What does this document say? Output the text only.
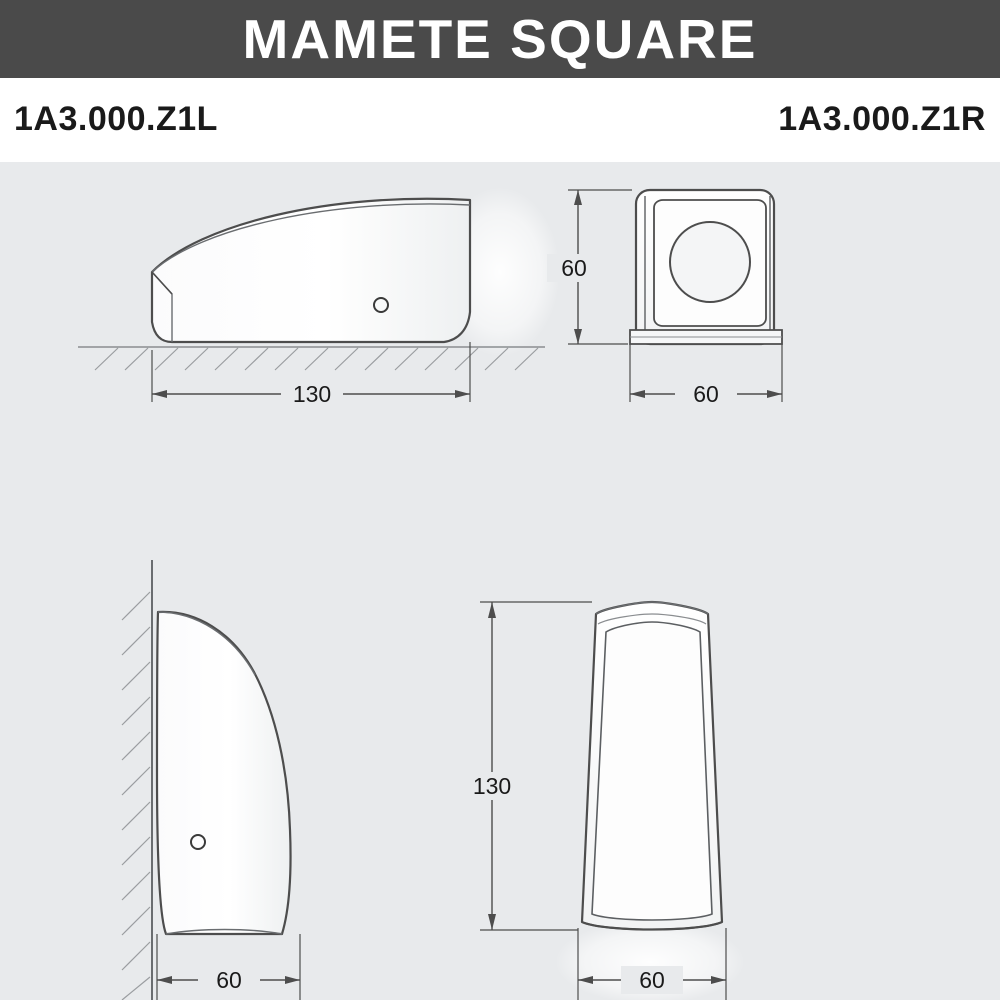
MAMETE SQUARE
1A3.000.Z1L	1A3.000.Z1R
130
60
60
60
130
60
